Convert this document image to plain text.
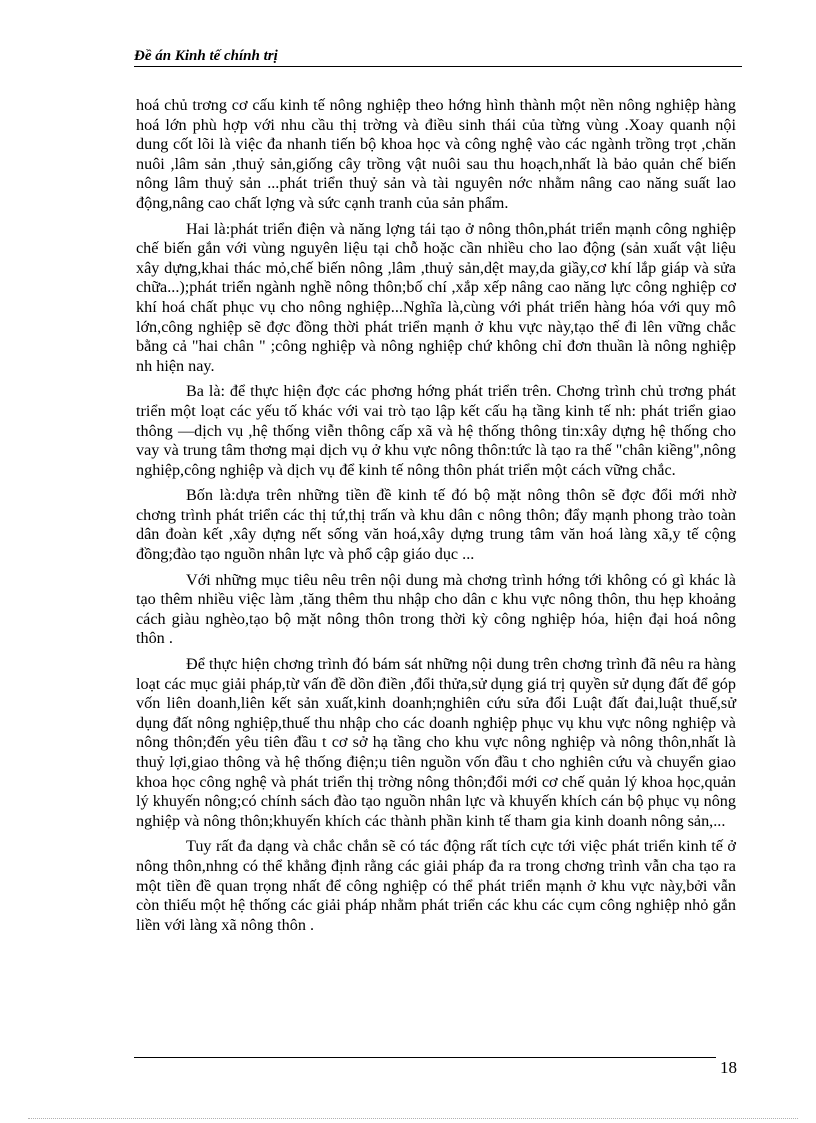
Đề án Kinh tế chính trị

hoá chủ trơng cơ cấu kinh tế nông nghiệp theo hớng hình thành một nền nông nghiệp hàng hoá lớn phù hợp với nhu cầu thị trờng và điều sinh thái của từng vùng .Xoay quanh nội dung cốt lõi là việc đa nhanh tiến bộ khoa học và công nghệ vào các ngành trồng trọt ,chăn nuôi ,lâm sản ,thuỷ sản,giống cây trồng vật nuôi sau thu hoạch,nhất là bảo quản chế biến nông lâm thuỷ sản ...phát triển thuỷ sản và tài nguyên nớc nhằm nâng cao năng suất lao động,nâng cao chất lợng và sức cạnh tranh của sản phẩm.

Hai là:phát triển điện và năng lợng tái tạo ở nông thôn,phát triển mạnh công nghiệp chế biến gắn với vùng nguyên liệu tại chỗ hoặc cần nhiều cho lao động (sản xuất vật liệu xây dựng,khai thác mỏ,chế biến nông ,lâm ,thuỷ sản,dệt may,da giầy,cơ khí lắp giáp và sửa chữa...);phát triển ngành nghề nông thôn;bố chí ,xắp xếp nâng cao năng lực công nghiệp cơ khí hoá chất phục vụ cho nông nghiệp...Nghĩa là,cùng với phát triển hàng hóa với quy mô lớn,công nghiệp sẽ đợc đồng thời phát triển mạnh ở khu vực này,tạo thế đi lên vững chắc bằng cả "hai chân " ;công nghiệp và nông nghiệp chứ không chỉ đơn thuần là nông nghiệp nh hiện nay.

Ba là: để thực hiện đợc các phơng hớng phát triển trên. Chơng trình chủ trơng phát triển một loạt các yếu tố khác với vai trò tạo lập kết cấu hạ tầng kinh tế nh: phát triển giao thông —dịch vụ ,hệ thống viễn thông cấp xã và hệ thống thông tin:xây dựng hệ thống cho vay và trung tâm thơng mại dịch vụ ở khu vực nông thôn:tức là tạo ra thế "chân kiềng",nông nghiệp,công nghiệp và dịch vụ để kinh tế nông thôn phát triển một cách vững chắc.

Bốn là:dựa trên những tiền đề kinh tế đó bộ mặt nông thôn sẽ đợc đổi mới nhờ chơng trình phát triển các thị tứ,thị trấn và khu dân c nông thôn; đẩy mạnh phong trào toàn dân đoàn kết ,xây dựng nết sống văn hoá,xây dựng trung tâm văn hoá làng xã,y tế cộng đồng;đào tạo nguồn nhân lực và phổ cập giáo dục ...

Với những mục tiêu nêu trên nội dung mà chơng trình hớng tới không có gì khác là tạo thêm nhiều việc làm ,tăng thêm thu nhập cho dân c khu vực nông thôn, thu hẹp khoảng cách giàu nghèo,tạo bộ mặt nông thôn trong thời kỳ công nghiệp hóa, hiện đại hoá nông thôn .

Để thực hiện chơng trình đó bám sát những nội dung trên chơng trình đã nêu ra hàng loạt các mục giải pháp,từ vấn đề dồn điền ,đổi thửa,sử dụng giá trị quyền sử dụng đất để góp vốn liên doanh,liên kết sản xuất,kinh doanh;nghiên cứu sửa đổi Luật đất đai,luật thuế,sử dụng đất nông nghiệp,thuế thu nhập cho các doanh nghiệp phục vụ khu vực nông nghiệp và nông thôn;đến yêu tiên đầu t cơ sở hạ tầng cho khu vực nông nghiệp và nông thôn,nhất là thuỷ lợi,giao thông và hệ thống điện;u tiên nguồn vốn đầu t cho nghiên cứu và chuyển giao khoa học công nghệ và phát triển thị trờng nông thôn;đổi mới cơ chế quản lý khoa học,quản lý khuyến nông;có chính sách đào tạo nguồn nhân lực và khuyến khích cán bộ phục vụ nông nghiệp và nông thôn;khuyến khích các thành phần kinh tế tham gia kinh doanh nông sản,...

Tuy rất đa dạng và chắc chắn sẽ có tác động rất tích cực tới việc phát triển kinh tế ở nông thôn,nhng có thể khẳng định rằng các giải pháp đa ra trong chơng trình vẫn cha tạo ra một tiền đề quan trọng nhất để công nghiệp có thể phát triển mạnh ở khu vực này,bởi vẫn còn thiếu một hệ thống các giải pháp nhằm phát triển các khu các cụm công nghiệp nhỏ gắn liền với làng xã nông thôn .

18
